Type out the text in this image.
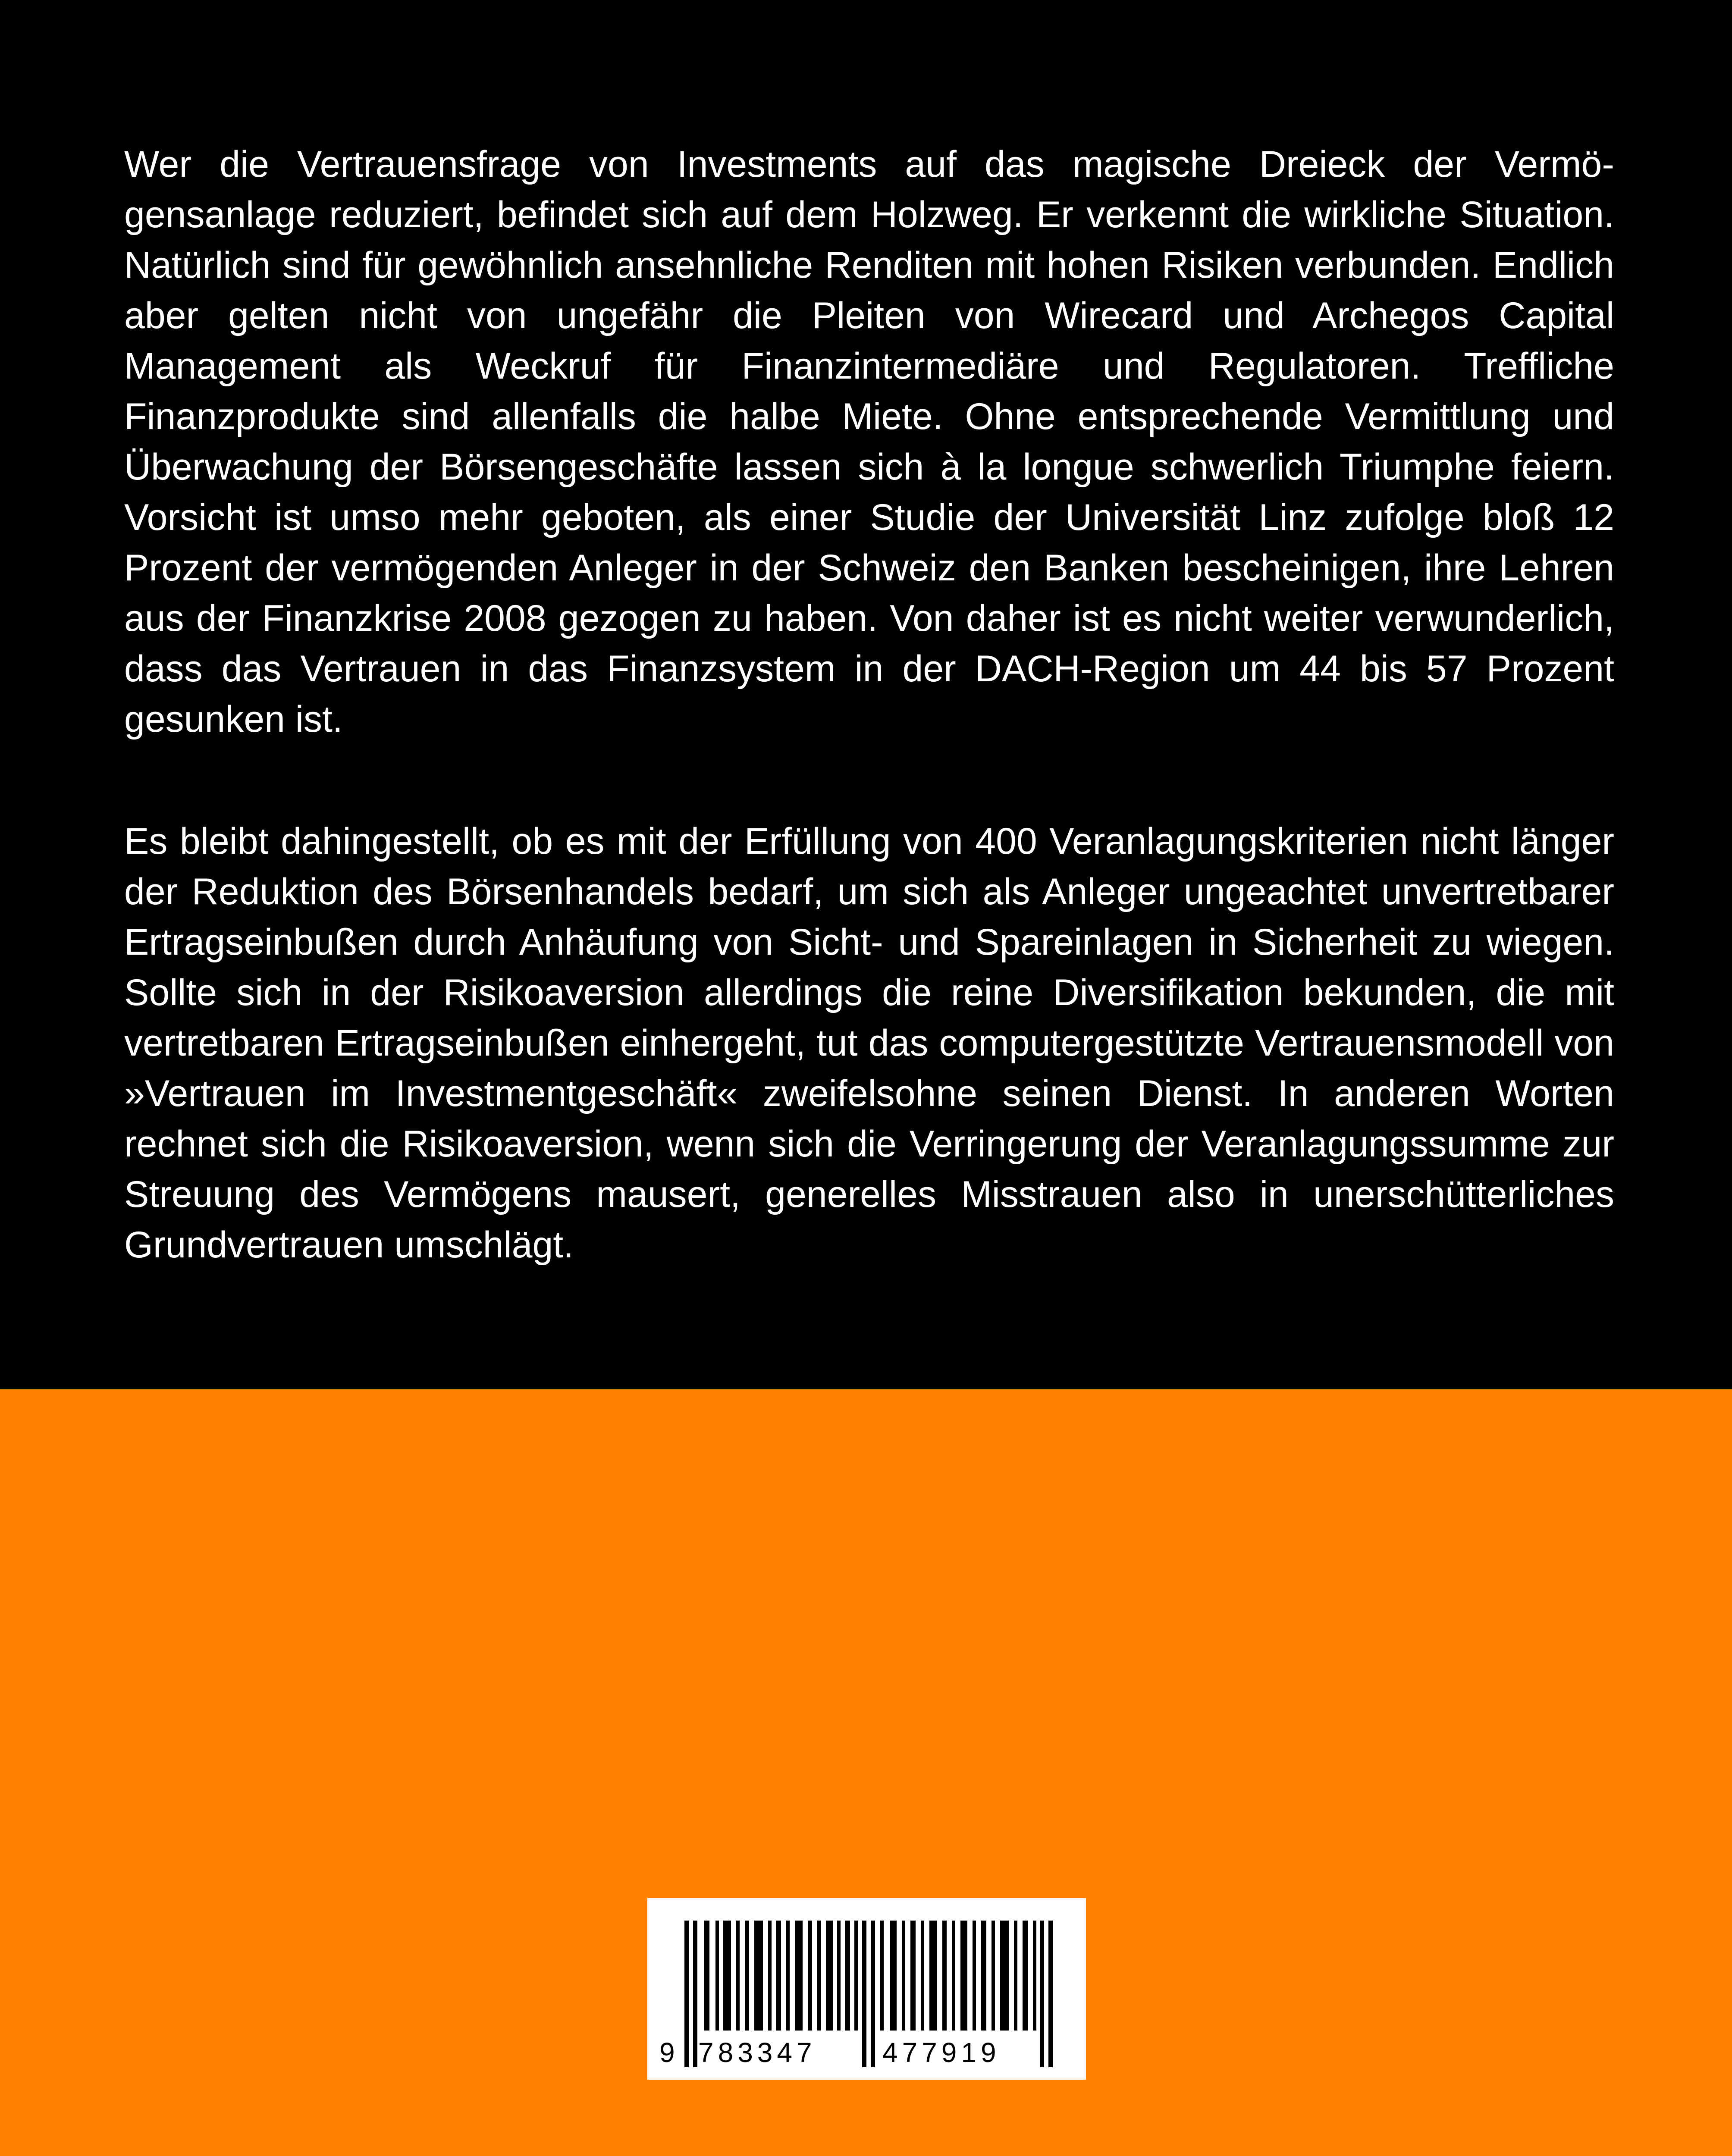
Wer die Vertrauensfrage von Investments auf das magische Dreieck der Vermögensanlage reduziert, befindet sich auf dem Holzweg. Er verkennt die wirkliche Situation. Natürlich sind für gewöhnlich ansehnliche Renditen mit hohen Risiken verbunden. Endlich aber gelten nicht von ungefähr die Pleiten von Wirecard und Archegos Capital Management als Weckruf für Finanzintermediäre und Regulatoren. Treffliche Finanzprodukte sind allenfalls die halbe Miete. Ohne entsprechende Vermittlung und Überwachung der Börsengeschäfte lassen sich à la longue schwerlich Triumphe feiern. Vorsicht ist umso mehr geboten, als einer Studie der Universität Linz zufolge bloß 12 Prozent der vermögenden Anleger in der Schweiz den Banken bescheinigen, ihre Lehren aus der Finanzkrise 2008 gezogen zu haben. Von daher ist es nicht weiter verwunderlich, dass das Vertrauen in das Finanzsystem in der DACH-Region um 44 bis 57 Prozent gesunken ist.

Es bleibt dahingestellt, ob es mit der Erfüllung von 400 Veranlagungskriterien nicht länger der Reduktion des Börsenhandels bedarf, um sich als Anleger ungeachtet unvertretbarer Ertragseinbußen durch Anhäufung von Sicht- und Spareinlagen in Sicherheit zu wiegen. Sollte sich in der Risikoaversion allerdings die reine Diversifikation bekunden, die mit vertretbaren Ertragseinbußen einhergeht, tut das computergestützte Vertrauensmodell von »Vertrauen im Investmentgeschäft« zweifelsohne seinen Dienst. In anderen Worten rechnet sich die Risikoaversion, wenn sich die Verringerung der Veranlagungssumme zur Streuung des Vermögens mausert, generelles Misstrauen also in unerschütterliches Grundvertrauen umschlägt.

9 783347 477919
